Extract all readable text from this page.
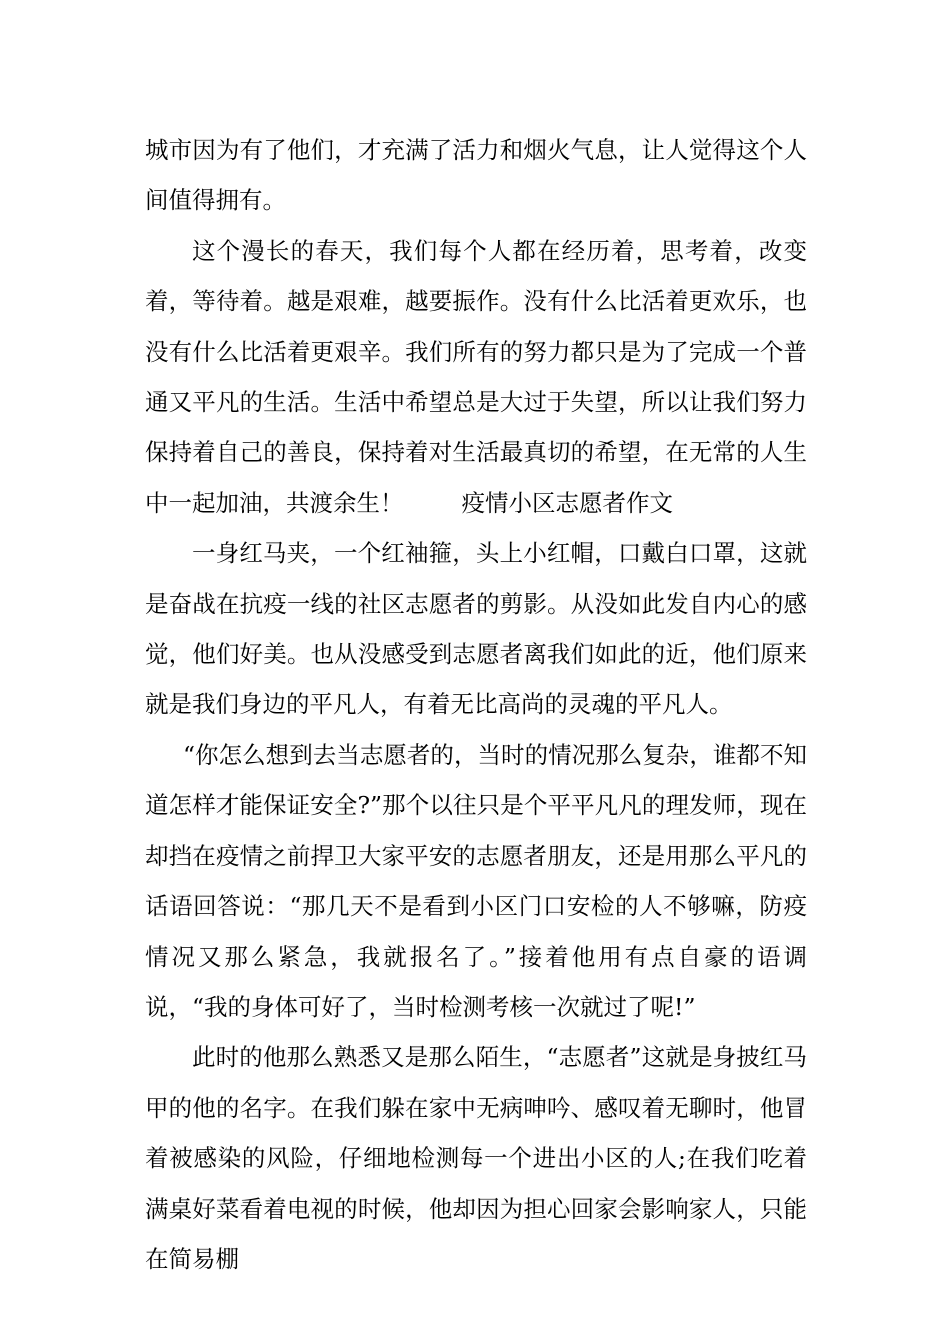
城市因为有了他们，才充满了活力和烟火气息，让人觉得这个人间值得拥有。

这个漫长的春天，我们每个人都在经历着，思考着，改变着，等待着。越是艰难，越要振作。没有什么比活着更欢乐，也没有什么比活着更艰辛。我们所有的努力都只是为了完成一个普通又平凡的生活。生活中希望总是大过于失望，所以让我们努力保持着自己的善良，保持着对生活最真切的希望，在无常的人生中一起加油，共渡余生！ 疫情小区志愿者作文

一身红马夹，一个红袖箍，头上小红帽，口戴白口罩，这就是奋战在抗疫一线的社区志愿者的剪影。从没如此发自内心的感觉，他们好美。也从没感受到志愿者离我们如此的近，他们原来就是我们身边的平凡人，有着无比高尚的灵魂的平凡人。

“你怎么想到去当志愿者的，当时的情况那么复杂，谁都不知道怎样才能保证安全?”那个以往只是个平平凡凡的理发师，现在却挡在疫情之前捍卫大家平安的志愿者朋友，还是用那么平凡的话语回答说：“那几天不是看到小区门口安检的人不够嘛，防疫情况又那么紧急，我就报名了。”接着他用有点自豪的语调说，“我的身体可好了，当时检测考核一次就过了呢!”

此时的他那么熟悉又是那么陌生，“志愿者”这就是身披红马甲的他的名字。在我们躲在家中无病呻吟、感叹着无聊时，他冒着被感染的风险，仔细地检测每一个进出小区的人;在我们吃着满桌好菜看着电视的时候，他却因为担心回家会影响家人，只能在简易棚
